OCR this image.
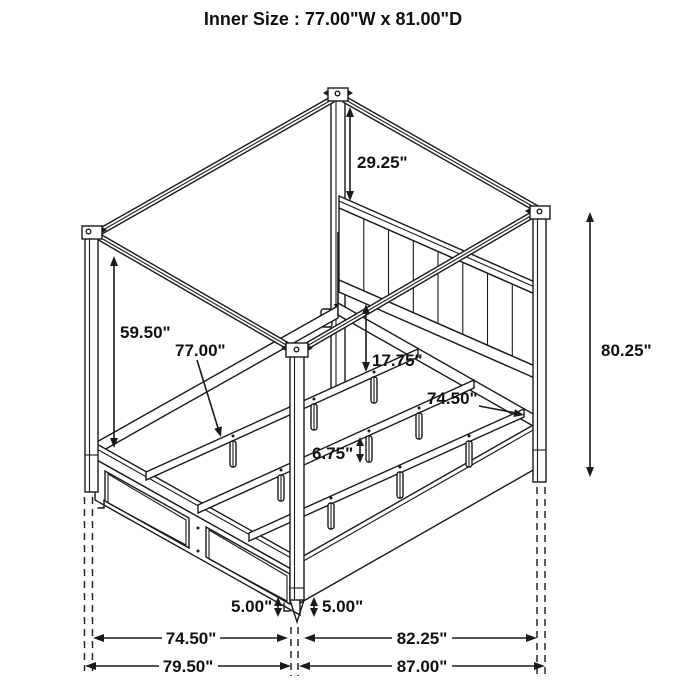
Inner Size : 77.00"W x 81.00"D
29.25"
59.50"
77.00"
17.75"
74.50"
80.25"
6.75"
5.00"	5.00"
74.50"	82.25"
79.50"	87.00"
